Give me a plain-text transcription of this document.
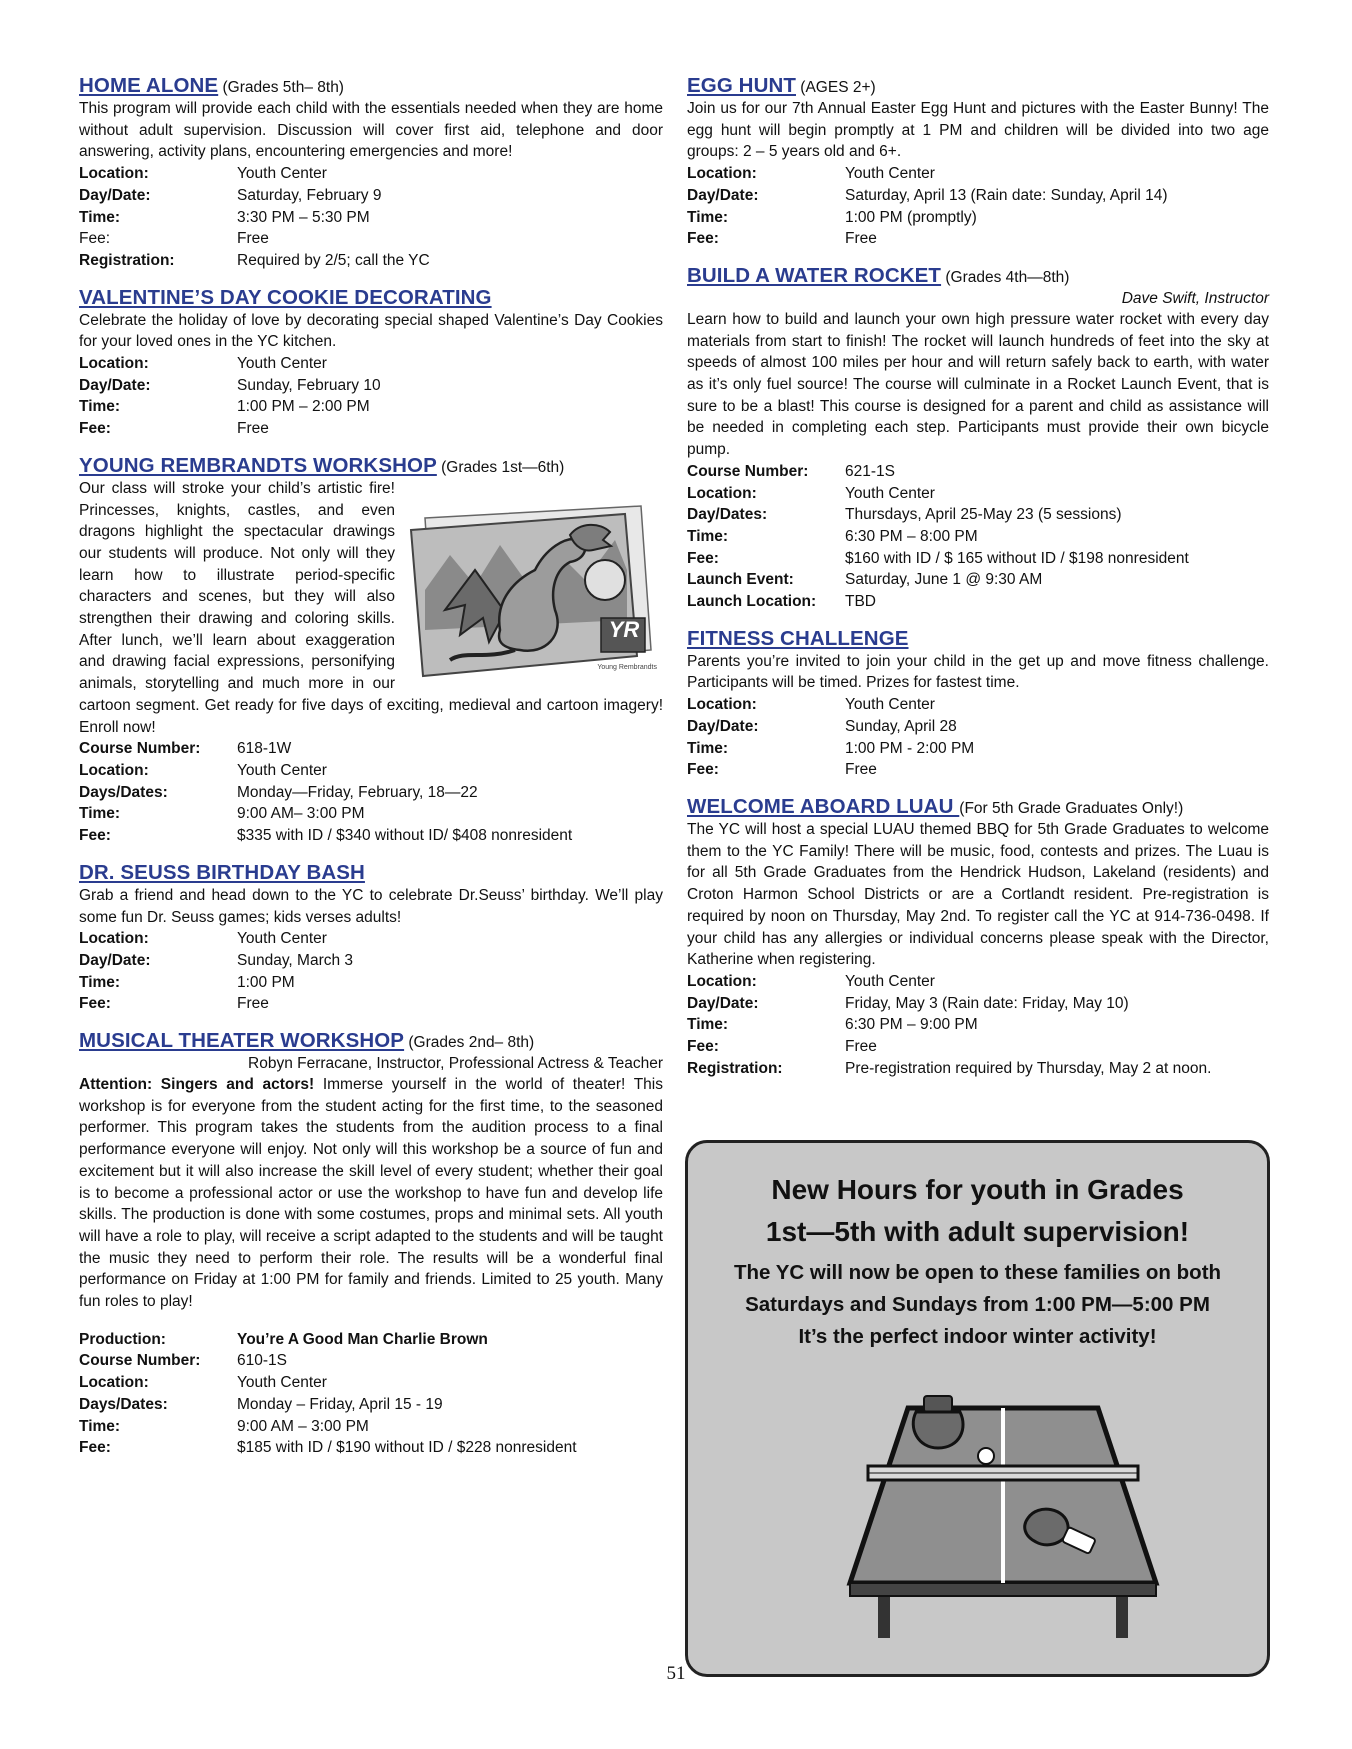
HOME ALONE (Grades 5th– 8th)
This program will provide each child with the essentials needed when they are home without adult supervision. Discussion will cover first aid, telephone and door answering, activity plans, encountering emergencies and more!
Location:	Youth Center
Day/Date:	Saturday, February 9
Time:	3:30 PM – 5:30 PM
Fee:	Free
Registration:	Required by 2/5; call the YC
VALENTINE’S DAY COOKIE DECORATING
Celebrate the holiday of love by decorating special shaped Valentine’s Day Cookies for your loved ones in the YC kitchen.
Location:	Youth Center
Day/Date:	Sunday, February 10
Time:	1:00 PM – 2:00 PM
Fee:	Free
YOUNG REMBRANDTS WORKSHOP (Grades 1st—6th)
YR
Young Rembrandts
Our class will stroke your child’s artistic fire! Princesses, knights, castles, and even dragons highlight the spectacular drawings our students will produce. Not only will they learn how to illustrate period-specific characters and scenes, but they will also strengthen their drawing and coloring skills. After lunch, we’ll learn about exaggeration and drawing facial expressions, personifying animals, storytelling and much more in our cartoon segment. Get ready for five days of exciting, medieval and cartoon imagery! Enroll now!
Course Number:	618-1W
Location:	Youth Center
Days/Dates:	Monday—Friday, February, 18—22
Time:	9:00 AM– 3:00 PM
Fee:	$335 with ID / $340 without ID/ $408 nonresident
DR. SEUSS BIRTHDAY BASH
Grab a friend and head down to the YC to celebrate Dr.Seuss’ birthday. We’ll play some fun Dr. Seuss games; kids verses adults!
Location:	Youth Center
Day/Date:	Sunday, March 3
Time:	1:00 PM
Fee:	Free
MUSICAL THEATER WORKSHOP (Grades 2nd– 8th)
Robyn Ferracane, Instructor, Professional Actress & Teacher
Attention: Singers and actors! Immerse yourself in the world of theater! This workshop is for everyone from the student acting for the first time, to the seasoned performer. This program takes the students from the audition process to a final performance everyone will enjoy. Not only will this workshop be a source of fun and excitement but it will also increase the skill level of every student; whether their goal is to become a professional actor or use the workshop to have fun and develop life skills. The production is done with some costumes, props and minimal sets. All youth will have a role to play, will receive a script adapted to the students and will be taught the music they need to perform their role. The results will be a wonderful final performance on Friday at 1:00 PM for family and friends. Limited to 25 youth. Many fun roles to play!
Production:	You’re A Good Man Charlie Brown
Course Number:	610-1S
Location:	Youth Center
Days/Dates:	Monday – Friday, April 15 - 19
Time:	9:00 AM – 3:00 PM
Fee:	$185 with ID / $190 without ID / $228 nonresident
EGG HUNT (AGES 2+)
Join us for our 7th Annual Easter Egg Hunt and pictures with the Easter Bunny! The egg hunt will begin promptly at 1 PM and children will be divided into two age groups: 2 – 5 years old and 6+.
Location:	Youth Center
Day/Date:	Saturday, April 13 (Rain date: Sunday, April 14)
Time:	1:00 PM (promptly)
Fee:	Free
BUILD A WATER ROCKET (Grades 4th—8th)
Dave Swift, Instructor
Learn how to build and launch your own high pressure water rocket with every day materials from start to finish! The rocket will launch hundreds of feet into the sky at speeds of almost 100 miles per hour and will return safely back to earth, with water as it’s only fuel source! The course will culminate in a Rocket Launch Event, that is sure to be a blast! This course is designed for a parent and child as assistance will be needed in completing each step. Participants must provide their own bicycle pump.
Course Number:	621-1S
Location:	Youth Center
Day/Dates:	Thursdays, April 25-May 23 (5 sessions)
Time:	6:30 PM – 8:00 PM
Fee:	$160 with ID / $ 165 without ID / $198 nonresident
Launch Event:	Saturday, June 1 @ 9:30 AM
Launch Location:	TBD
FITNESS CHALLENGE
Parents you’re invited to join your child in the get up and move fitness challenge. Participants will be timed. Prizes for fastest time.
Location:	Youth Center
Day/Date:	Sunday, April 28
Time:	1:00 PM - 2:00 PM
Fee:	Free
WELCOME ABOARD LUAU (For 5th Grade Graduates Only!)
The YC will host a special LUAU themed BBQ for 5th Grade Graduates to welcome them to the YC Family! There will be music, food, contests and prizes. The Luau is for all 5th Grade Graduates from the Hendrick Hudson, Lakeland (residents) and Croton Harmon School Districts or are a Cortlandt resident. Pre-registration is required by noon on Thursday, May 2nd. To register call the YC at 914-736-0498. If your child has any allergies or individual concerns please speak with the Director, Katherine when registering.
Location:	Youth Center
Day/Date:	Friday, May 3 (Rain date: Friday, May 10)
Time:	6:30 PM – 9:00 PM
Fee:	Free
Registration:	Pre-registration required by Thursday, May 2 at noon.
New Hours for youth in Grades
1st—5th with adult supervision!
The YC will now be open to these families on both
Saturdays and Sundays from 1:00 PM—5:00 PM
It’s the perfect indoor winter activity!
51
